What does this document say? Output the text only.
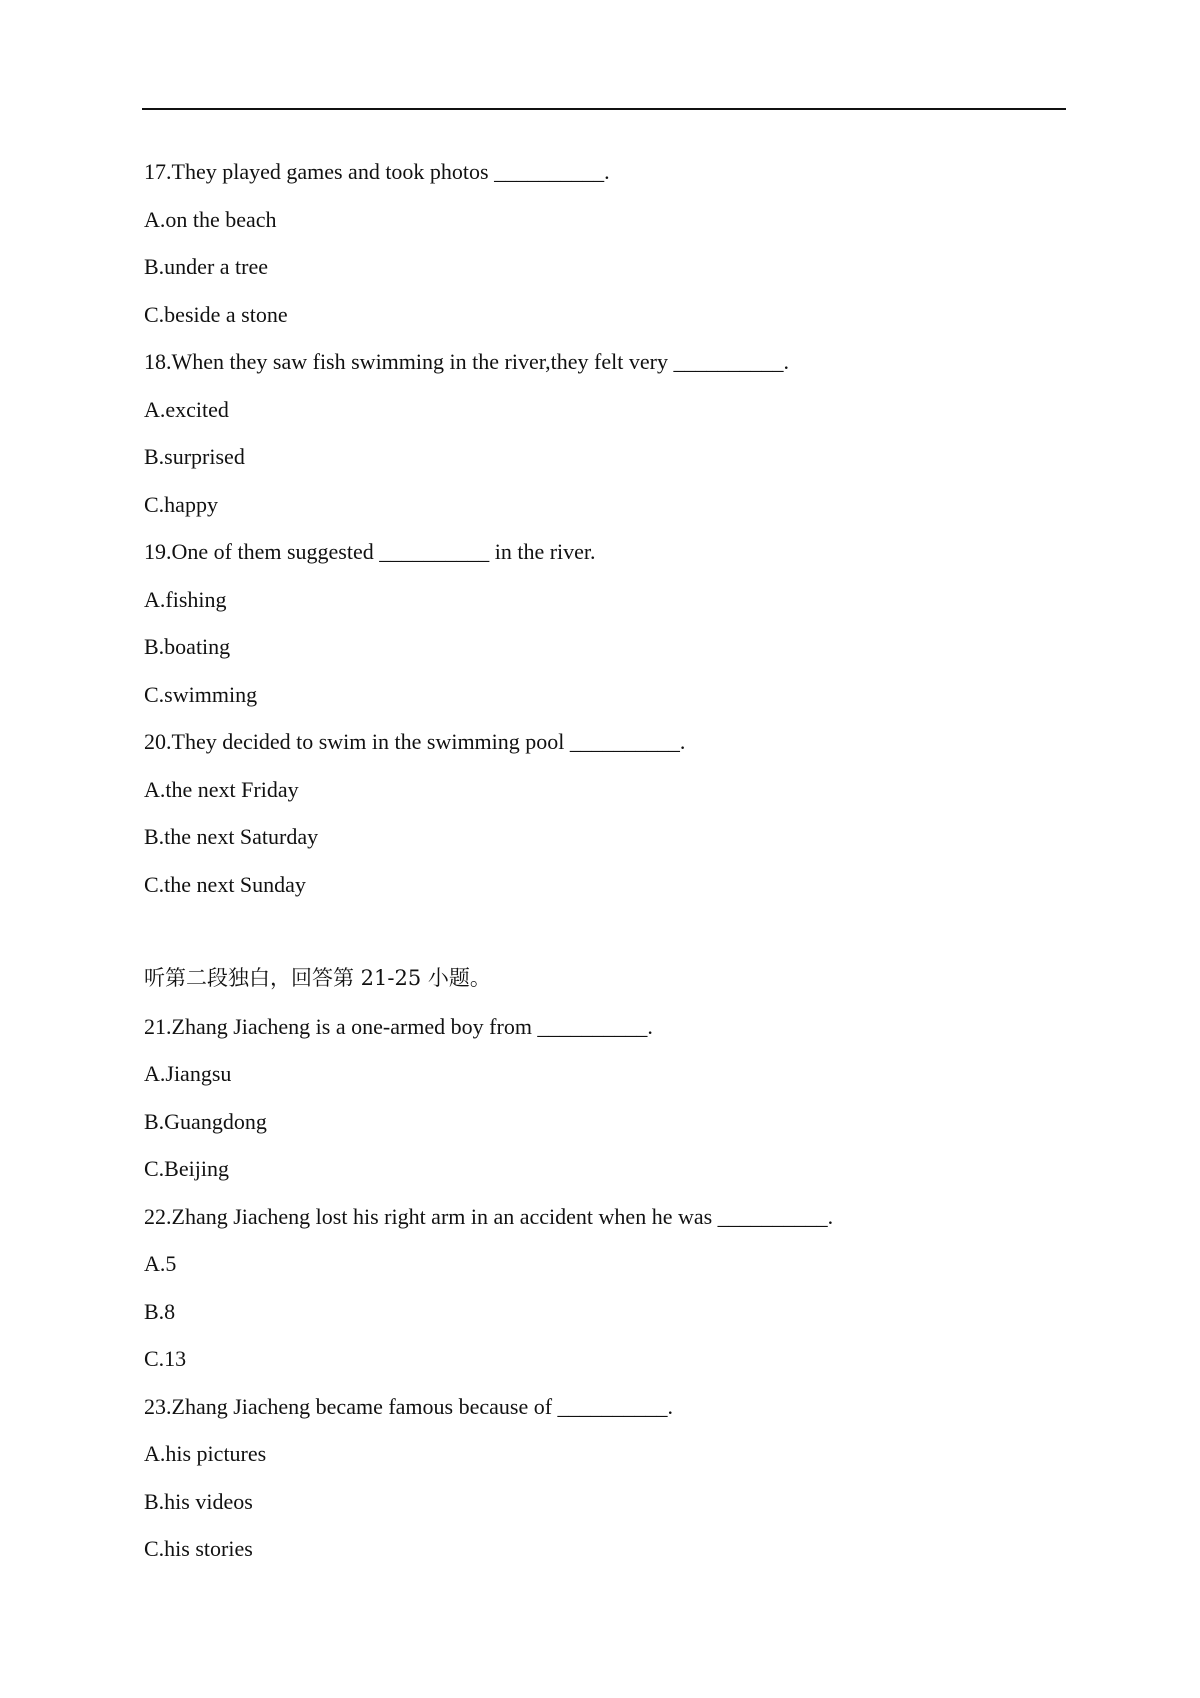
17.They played games and took photos __________.
A.on the beach
B.under a tree
C.beside a stone
18.When they saw fish swimming in the river,they felt very __________.
A.excited
B.surprised
C.happy
19.One of them suggested __________ in the river.
A.fishing
B.boating
C.swimming
20.They decided to swim in the swimming pool __________.
A.the next Friday
B.the next Saturday
C.the next Sunday
听第二段独白，回答第 21-25 小题。
21.Zhang Jiacheng is a one-armed boy from __________.
A.Jiangsu
B.Guangdong
C.Beijing
22.Zhang Jiacheng lost his right arm in an accident when he was __________.
A.5
B.8
C.13
23.Zhang Jiacheng became famous because of __________.
A.his pictures
B.his videos
C.his stories
